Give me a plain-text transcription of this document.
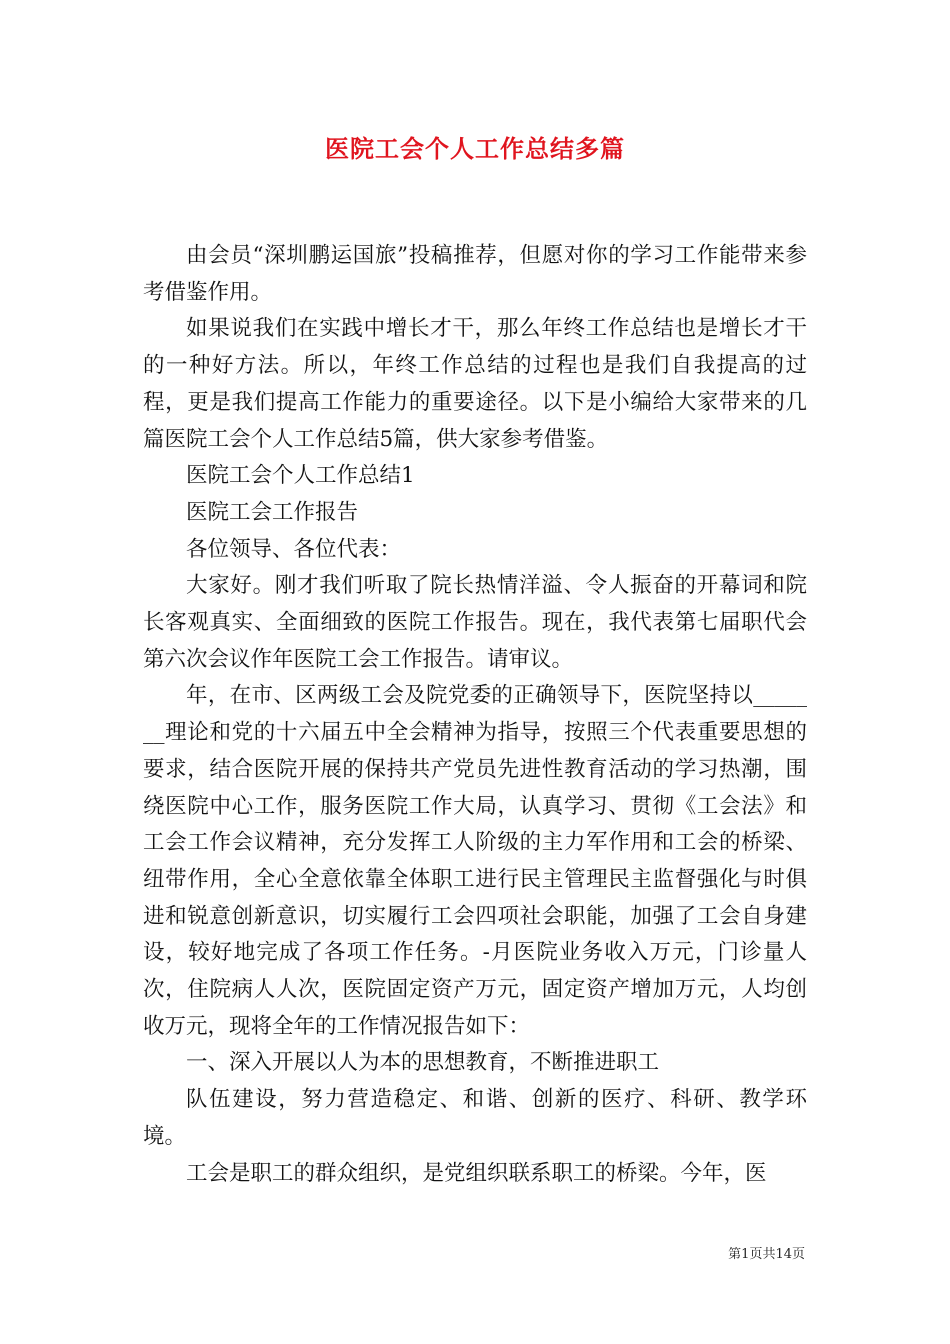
医院工会个人工作总结多篇

由会员“深圳鹏运国旅”投稿推荐，但愿对你的学习工作能带来参考借鉴作用。

如果说我们在实践中增长才干，那么年终工作总结也是增长才干的一种好方法。所以，年终工作总结的过程也是我们自我提高的过程，更是我们提高工作能力的重要途径。以下是小编给大家带来的几篇医院工会个人工作总结5篇，供大家参考借鉴。

医院工会个人工作总结1

医院工会工作报告

各位领导、各位代表：

大家好。刚才我们听取了院长热情洋溢、令人振奋的开幕词和院长客观真实、全面细致的医院工作报告。现在，我代表第七届职代会第六次会议作年医院工会工作报告。请审议。

年，在市、区两级工会及院党委的正确领导下，医院坚持以_______理论和党的十六届五中全会精神为指导，按照三个代表重要思想的要求，结合医院开展的保持共产党员先进性教育活动的学习热潮，围绕医院中心工作，服务医院工作大局，认真学习、贯彻《工会法》和工会工作会议精神，充分发挥工人阶级的主力军作用和工会的桥梁、纽带作用，全心全意依靠全体职工进行民主管理民主监督强化与时俱进和锐意创新意识，切实履行工会四项社会职能，加强了工会自身建设，较好地完成了各项工作任务。-月医院业务收入万元，门诊量人次，住院病人人次，医院固定资产万元，固定资产增加万元，人均创收万元，现将全年的工作情况报告如下：

一、深入开展以人为本的思想教育，不断推进职工

队伍建设，努力营造稳定、和谐、创新的医疗、科研、教学环境。

工会是职工的群众组织，是党组织联系职工的桥梁。今年，医

第1页共14页
